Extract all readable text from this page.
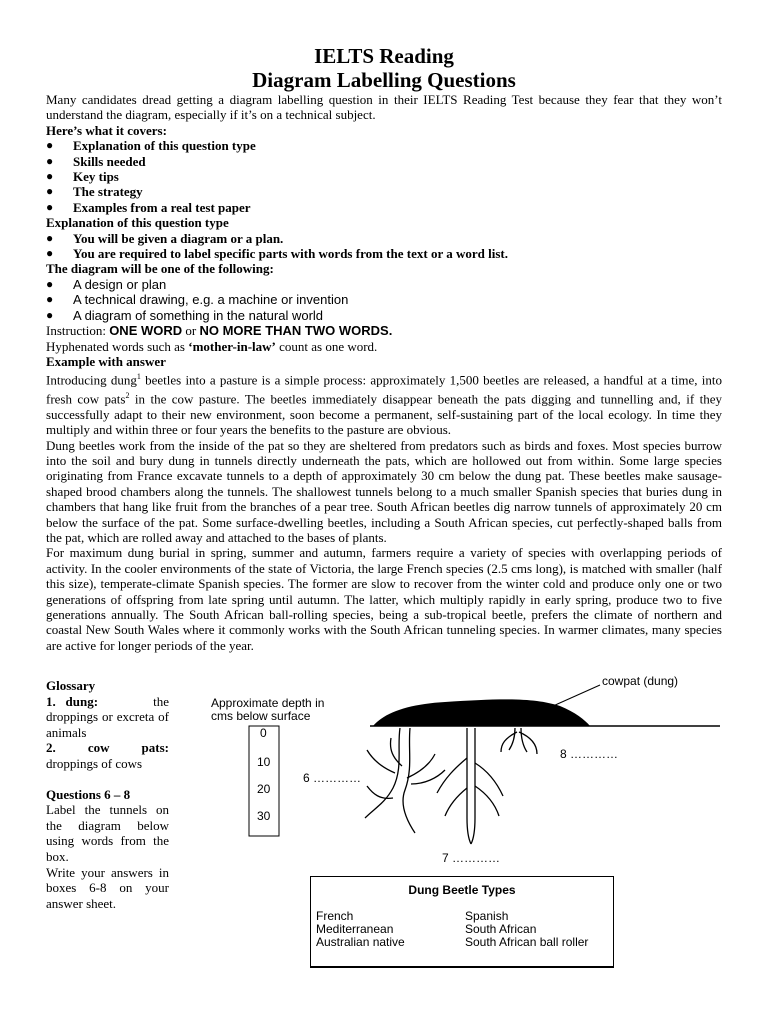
IELTS Reading
Diagram Labelling Questions

Many candidates dread getting a diagram labelling question in their IELTS Reading Test because they fear that they won’t understand the diagram, especially if it’s on a technical subject.

Here’s what it covers:

● Explanation of this question type
● Skills needed
● Key tips
● The strategy
● Examples from a real test paper

Explanation of this question type

● You will be given a diagram or a plan.
● You are required to label specific parts with words from the text or a word list.

The diagram will be one of the following:

● A design or plan
● A technical drawing, e.g. a machine or invention
● A diagram of something in the natural world

Instruction: ONE WORD or NO MORE THAN TWO WORDS.

Hyphenated words such as ‘mother-in-law’ count as one word.

Example with answer

Introducing dung$^1$ beetles into a pasture is a simple process: approximately 1,500 beetles are released, a handful at a time, into fresh cow pats$^2$ in the cow pasture. The beetles immediately disappear beneath the pats digging and tunnelling and, if they successfully adapt to their new environment, soon become a permanent, self-sustaining part of the local ecology. In time they multiply and within three or four years the benefits to the pasture are obvious.

Dung beetles work from the inside of the pat so they are sheltered from predators such as birds and foxes. Most species burrow into the soil and bury dung in tunnels directly underneath the pats, which are hollowed out from within. Some large species originating from France excavate tunnels to a depth of approximately 30 cm below the dung pat. These beetles make sausage-shaped brood chambers along the tunnels. The shallowest tunnels belong to a much smaller Spanish species that buries dung in chambers that hang like fruit from the branches of a pear tree. South African beetles dig narrow tunnels of approximately 20 cm below the surface of the pat. Some surface-dwelling beetles, including a South African species, cut perfectly-shaped balls from the pat, which are rolled away and attached to the bases of plants.

For maximum dung burial in spring, summer and autumn, farmers require a variety of species with overlapping periods of activity. In the cooler environments of the state of Victoria, the large French species (2.5 cms long), is matched with smaller (half this size), temperate-climate Spanish species. The former are slow to recover from the winter cold and produce only one or two generations of offspring from late spring until autumn. The latter, which multiply rapidly in early spring, produce two to five generations annually. The South African ball-rolling species, being a sub-tropical beetle, prefers the climate of northern and coastal New South Wales where it commonly works with the South African tunneling species. In warmer climates, many species are active for longer periods of the year.

Glossary
1. dung:	the
droppings or excreta of animals
2. cow pats:
droppings of cows
Questions 6 – 8
Label the tunnels on the diagram below using words from the box.
Write your answers in boxes 6-8 on your answer sheet.
Approximate depth in
cms below surface
0
10
20
30
cowpat (dung)
6 …………
7 …………
8 …………
Dung Beetle Types
French
Mediterranean
Australian native
Spanish
South African
South African ball roller
